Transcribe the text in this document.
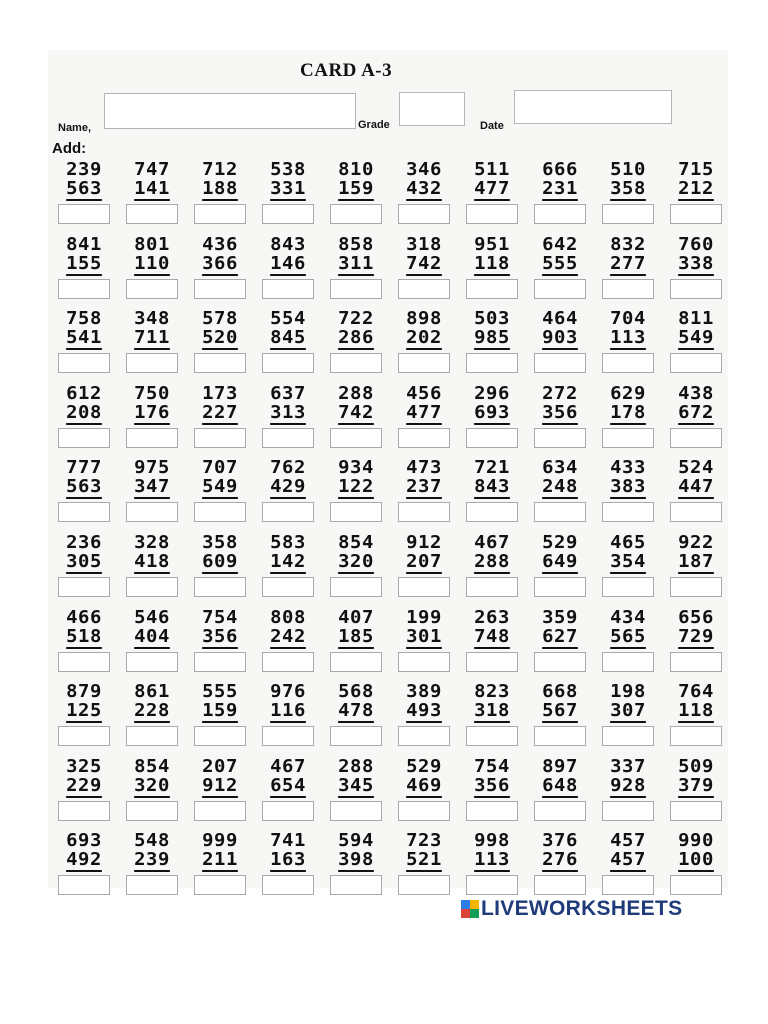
CARD A-3
Name,	Grade	Date
Add:
239
563
747
141
712
188
538
331
810
159
346
432
511
477
666
231
510
358
715
212
841
155
801
110
436
366
843
146
858
311
318
742
951
118
642
555
832
277
760
338
758
541
348
711
578
520
554
845
722
286
898
202
503
985
464
903
704
113
811
549
612
208
750
176
173
227
637
313
288
742
456
477
296
693
272
356
629
178
438
672
777
563
975
347
707
549
762
429
934
122
473
237
721
843
634
248
433
383
524
447
236
305
328
418
358
609
583
142
854
320
912
207
467
288
529
649
465
354
922
187
466
518
546
404
754
356
808
242
407
185
199
301
263
748
359
627
434
565
656
729
879
125
861
228
555
159
976
116
568
478
389
493
823
318
668
567
198
307
764
118
325
229
854
320
207
912
467
654
288
345
529
469
754
356
897
648
337
928
509
379
693
492
548
239
999
211
741
163
594
398
723
521
998
113
376
276
457
457
990
100
LIVEWORKSHEETS
